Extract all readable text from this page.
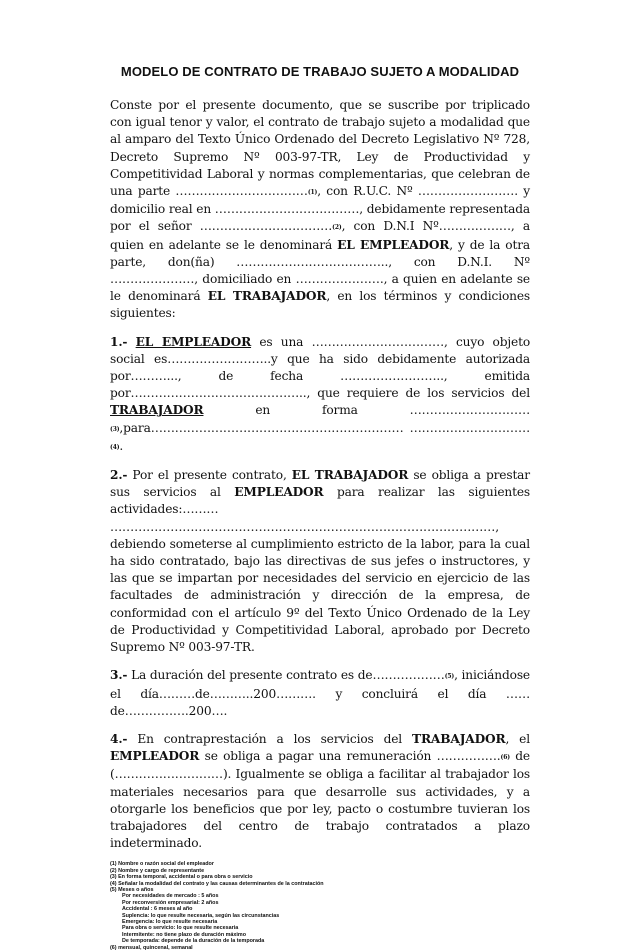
MODELO DE CONTRATO DE TRABAJO SUJETO A MODALIDAD

Conste por el presente documento, que se suscribe por triplicado con igual tenor y valor, el contrato de trabajo sujeto a modalidad que al amparo del Texto Único Ordenado del Decreto Legislativo Nº 728, Decreto Supremo Nº 003-97-TR, Ley de Productividad y Competitividad Laboral y normas complementarias, que celebran de una parte ……………………………(1), con R.U.C. Nº ……………………. y domicilio real en ………………………………, debidamente representada por el señor ……………………………(2), con D.N.I Nº………………, a quien en adelante se le denominará EL EMPLEADOR, y de la otra parte, don(ña) ……………………………….., con D.N.I. Nº …………………, domiciliado en …………………., a quien en adelante se le denominará EL TRABAJADOR, en los términos y condiciones siguientes:

1.- EL EMPLEADOR es una ……………………………, cuyo objeto social es……………………..y que ha sido debidamente autorizada por………..., de fecha …………………….., emitida por…………………………………….., que requiere de los servicios del TRABAJADOR en forma …………………………(3),para……………………………………………………… …………………………(4).

2.- Por el presente contrato, EL TRABAJADOR se obliga a prestar sus servicios al EMPLEADOR para realizar las siguientes actividades:……… ……………………………………………………………………………………, debiendo someterse al cumplimiento estricto de la labor, para la cual ha sido contratado, bajo las directivas de sus jefes o instructores, y las que se impartan por necesidades del servicio en ejercicio de las facultades de administración y dirección de la empresa, de conformidad con el artículo 9º del Texto Único Ordenado de la Ley de Productividad y Competitividad Laboral, aprobado por Decreto Supremo Nº 003-97-TR.

3.- La duración del presente contrato es de………………(5), iniciándose el día………de………..200………. y concluirá el día ……de…………….200….

4.- En contraprestación a los servicios del TRABAJADOR, el EMPLEADOR se obliga a pagar una remuneración …………….(6) de (………………………). Igualmente se obliga a facilitar al trabajador los materiales necesarios para que desarrolle sus actividades, y a otorgarle los beneficios que por ley, pacto o costumbre tuvieran los trabajadores del centro de trabajo contratados a plazo indeterminado.

(1) Nombre o razón social del empleador
(2) Nombre y cargo de representante
(3) En forma temporal, accidental o para obra o servicio
(4) Señalar la modalidad del contrato y las causas determinantes de la contratación
(5) Meses o años
Por necesidades de mercado : 5 años
Por reconversión empresarial: 2 años
Accidental : 6 meses al año
Suplencia: lo que resulte necesaria, según las circunstancias
Emergencia: lo que resulte necesaria
Para obra o servicio: lo que resulte necesaria
Intermitente: no tiene plazo de duración máximo
De temporada: depende de la duración de la temporada
(6) mensual, quincenal, semanal
